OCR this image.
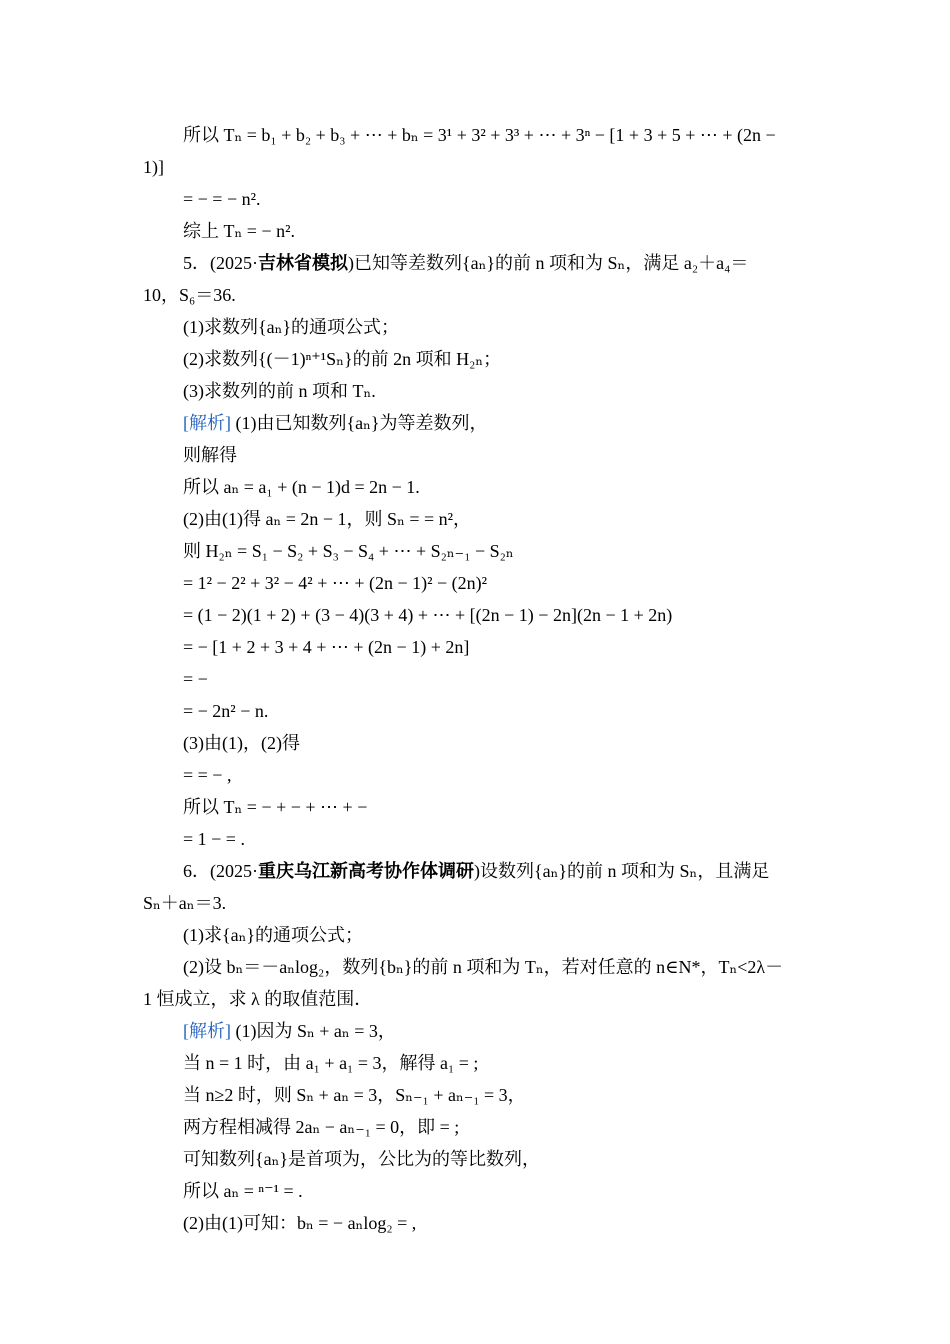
所以 Tₙ = b₁ + b₂ + b₃ + ⋯ + bₙ = 3¹ + 3² + 3³ + ⋯ + 3ⁿ − [1 + 3 + 5 + ⋯ + (2n −
1)]
= − = − n².
综上 Tₙ = − n².
5．(2025·吉林省模拟)已知等差数列{aₙ}的前 n 项和为 Sₙ，满足 a₂＋a₄＝
10，S₆＝36.
(1)求数列{aₙ}的通项公式；
(2)求数列{(－1)ⁿ⁺¹Sₙ}的前 2n 项和 H₂ₙ；
(3)求数列的前 n 项和 Tₙ.
[解析] (1)由已知数列{aₙ}为等差数列，
则解得
所以 aₙ = a₁ + (n − 1)d = 2n − 1.
(2)由(1)得 aₙ = 2n − 1，则 Sₙ = = n²，
则 H₂ₙ = S₁ − S₂ + S₃ − S₄ + ⋯ + S₂ₙ₋₁ − S₂ₙ
= 1² − 2² + 3² − 4² + ⋯ + (2n − 1)² − (2n)²
= (1 − 2)(1 + 2) + (3 − 4)(3 + 4) + ⋯ + [(2n − 1) − 2n](2n − 1 + 2n)
= − [1 + 2 + 3 + 4 + ⋯ + (2n − 1) + 2n]
= −
= − 2n² − n.
(3)由(1)，(2)得
= = − ,
所以 Tₙ = − + − + ⋯ + −
= 1 − = .
6．(2025·重庆乌江新高考协作体调研)设数列{aₙ}的前 n 项和为 Sₙ，且满足
Sₙ＋aₙ＝3.
(1)求{aₙ}的通项公式；
(2)设 bₙ＝－aₙlog₂，数列{bₙ}的前 n 项和为 Tₙ，若对任意的 n∈N*，Tₙ<2λ－
1 恒成立，求 λ 的取值范围．
[解析] (1)因为 Sₙ + aₙ = 3，
当 n = 1 时，由 a₁ + a₁ = 3，解得 a₁ = ;
当 n≥2 时，则 Sₙ + aₙ = 3，Sₙ₋₁ + aₙ₋₁ = 3，
两方程相减得 2aₙ − aₙ₋₁ = 0，即 = ;
可知数列{aₙ}是首项为，公比为的等比数列，
所以 aₙ = ⁿ⁻¹ = .
(2)由(1)可知：bₙ = − aₙlog₂ = ,
